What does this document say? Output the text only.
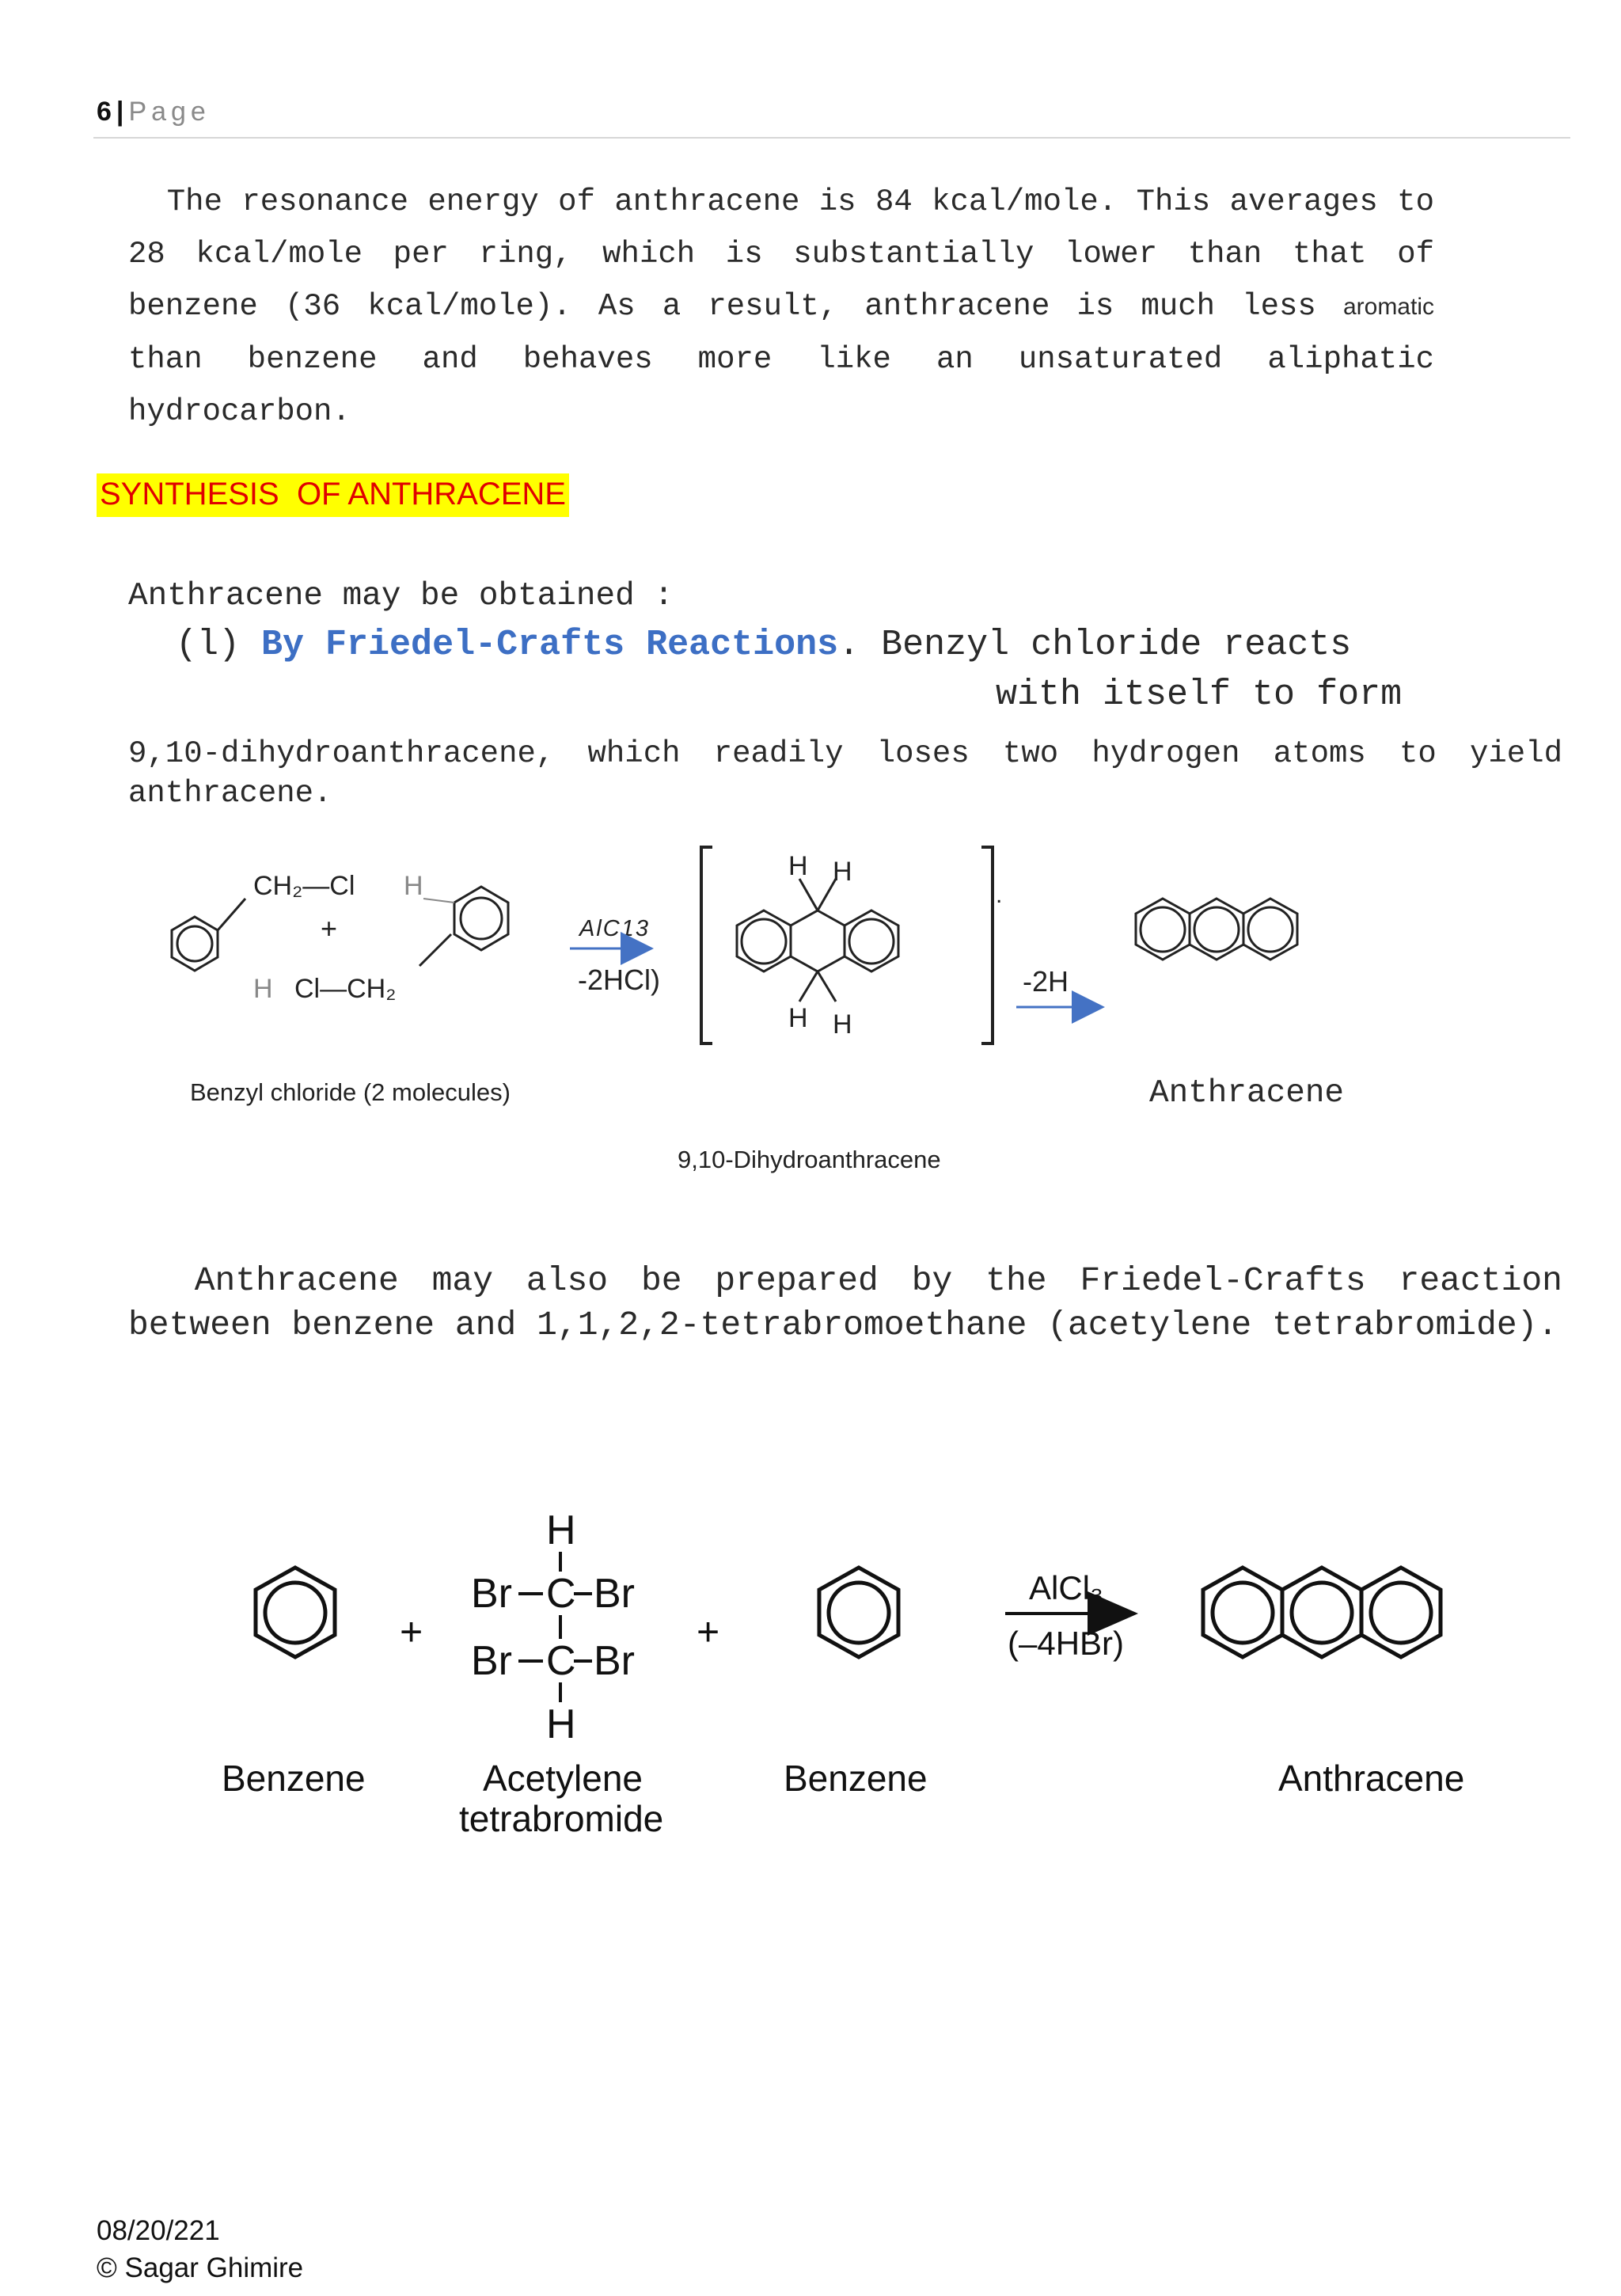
6 | Page
The resonance energy of anthracene is 84 kcal/mole. This averages to 28 kcal/mole per ring, which is substantially lower than that of benzene (36 kcal/mole). As a result, anthracene is much less aromatic than benzene and behaves more like an unsaturated aliphatic hydrocarbon.
SYNTHESIS  OF ANTHRACENE
Anthracene may be obtained :
(l) By Friedel-Crafts Reactions. Benzyl chloride reacts
with itself to form
9,10-dihydroanthracene, which readily loses two hydrogen atoms to yield anthracene.
CH₂—Cl H
+
H Cl—CH₂
AlC13
-2HCl)
.
H H
H H
-2H
Benzyl chloride (2 molecules)	Anthracene
9,10-Dihydroanthracene
Anthracene may also be prepared by the Friedel-Crafts reaction between benzene and 1,1,2,2-tetrabromoethane (acetylene tetrabromide).
+
H
Br C Br
Br C Br
H
+
AlCl₃
(–4HBr)
Benzene	Acetylene
tetrabromide
Benzene	Anthracene
08/20/221
© Sagar Ghimire
